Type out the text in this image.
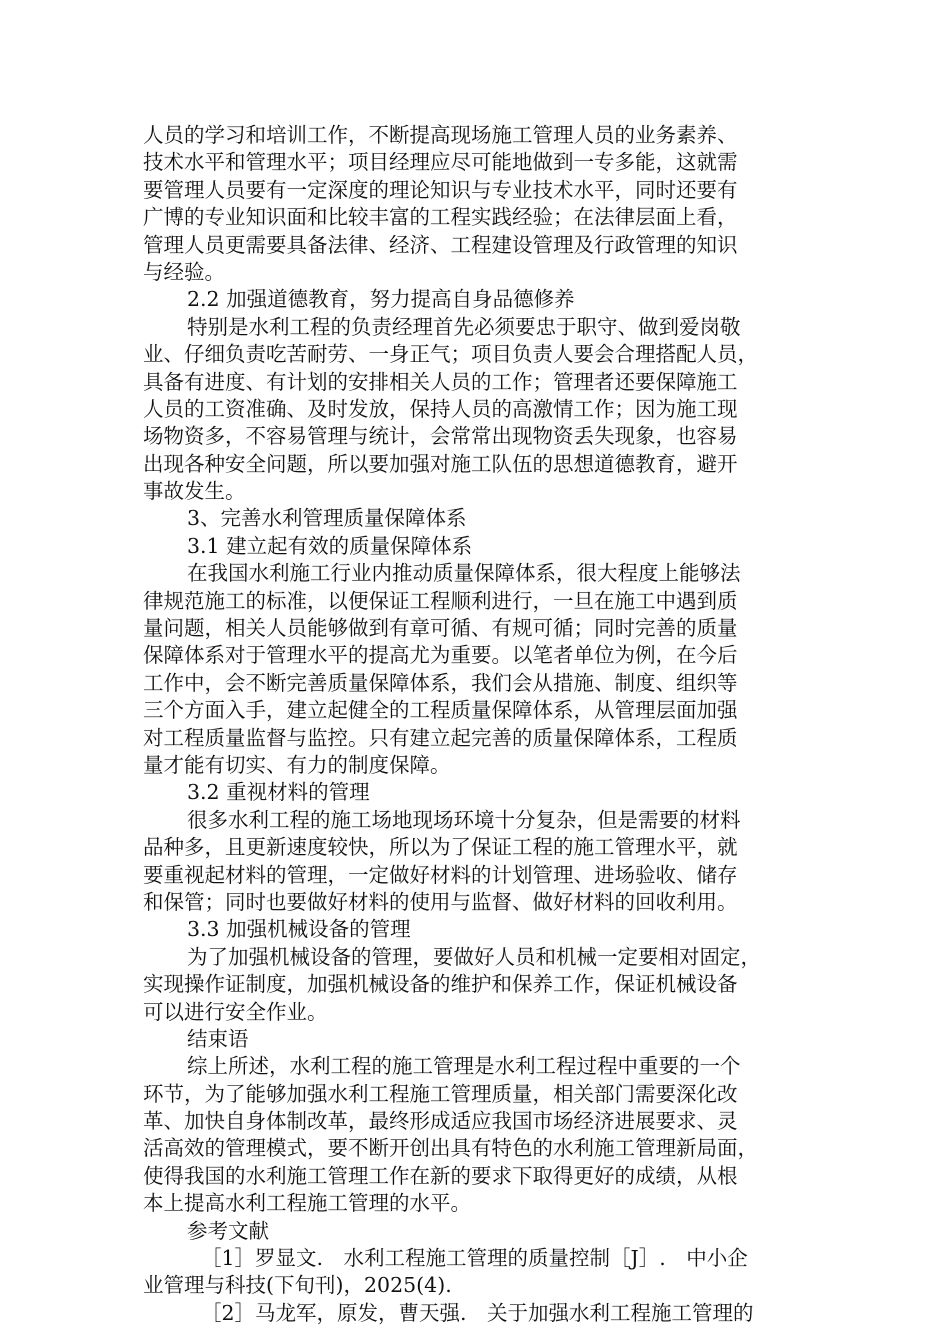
人员的学习和培训工作，不断提高现场施工管理人员的业务素养、
技术水平和管理水平；项目经理应尽可能地做到一专多能，这就需
要管理人员要有一定深度的理论知识与专业技术水平，同时还要有
广博的专业知识面和比较丰富的工程实践经验；在法律层面上看，
管理人员更需要具备法律、经济、工程建设管理及行政管理的知识
与经验。
2.2 加强道德教育，努力提高自身品德修养
特别是水利工程的负责经理首先必须要忠于职守、做到爱岗敬
业、仔细负责吃苦耐劳、一身正气；项目负责人要会合理搭配人员，
具备有进度、有计划的安排相关人员的工作；管理者还要保障施工
人员的工资准确、及时发放，保持人员的高激情工作；因为施工现
场物资多，不容易管理与统计，会常常出现物资丢失现象，也容易
出现各种安全问题，所以要加强对施工队伍的思想道德教育，避开
事故发生。
3、完善水利管理质量保障体系
3.1 建立起有效的质量保障体系
在我国水利施工行业内推动质量保障体系，很大程度上能够法
律规范施工的标准，以便保证工程顺利进行，一旦在施工中遇到质
量问题，相关人员能够做到有章可循、有规可循；同时完善的质量
保障体系对于管理水平的提高尤为重要。以笔者单位为例，在今后
工作中，会不断完善质量保障体系，我们会从措施、制度、组织等
三个方面入手，建立起健全的工程质量保障体系，从管理层面加强
对工程质量监督与监控。只有建立起完善的质量保障体系，工程质
量才能有切实、有力的制度保障。
3.2 重视材料的管理
很多水利工程的施工场地现场环境十分复杂，但是需要的材料
品种多，且更新速度较快，所以为了保证工程的施工管理水平，就
要重视起材料的管理，一定做好材料的计划管理、进场验收、储存
和保管；同时也要做好材料的使用与监督、做好材料的回收利用。
3.3 加强机械设备的管理
为了加强机械设备的管理，要做好人员和机械一定要相对固定，
实现操作证制度，加强机械设备的维护和保养工作，保证机械设备
可以进行安全作业。
结束语
综上所述，水利工程的施工管理是水利工程过程中重要的一个
环节，为了能够加强水利工程施工管理质量，相关部门需要深化改
革、加快自身体制改革，最终形成适应我国市场经济进展要求、灵
活高效的管理模式，要不断开创出具有特色的水利施工管理新局面，
使得我国的水利施工管理工作在新的要求下取得更好的成绩，从根
本上提高水利工程施工管理的水平。
参考文献
［1］罗显文.　水利工程施工管理的质量控制［J］.　中小企
业管理与科技(下旬刊)，2025(4).
［2］马龙军，原发，曹天强.　关于加强水利工程施工管理的
